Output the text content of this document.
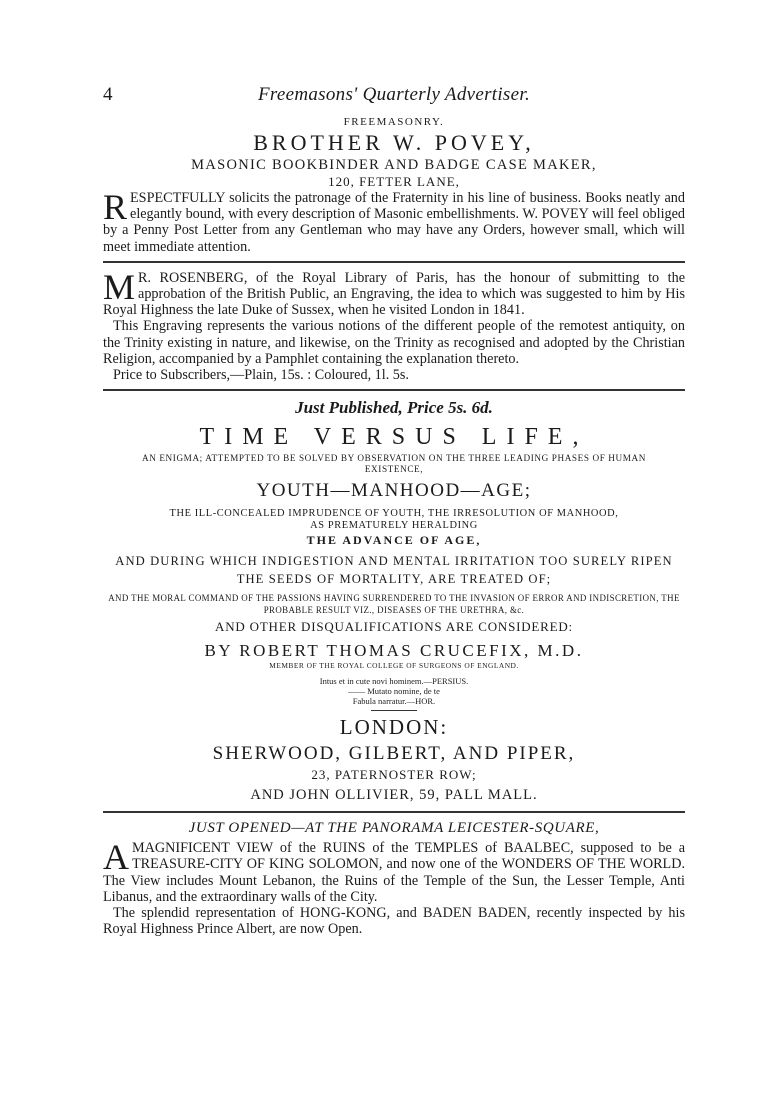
4	Freemasons' Quarterly Advertiser.
FREEMASONRY.
BROTHER W. POVEY,
MASONIC BOOKBINDER AND BADGE CASE MAKER,
120, FETTER LANE,

RESPECTFULLY solicits the patronage of the Fraternity in his line of business. Books neatly and elegantly bound, with every description of Masonic embellishments. W. POVEY will feel obliged by a Penny Post Letter from any Gentleman who may have any Orders, however small, which will meet immediate attention.

M R. ROSENBERG, of the Royal Library of Paris, has the honour of submitting to the approbation of the British Public, an Engraving, the idea to which was suggested to him by His Royal Highness the late Duke of Sussex, when he visited London in 1841.

This Engraving represents the various notions of the different people of the remotest antiquity, on the Trinity existing in nature, and likewise, on the Trinity as recognised and adopted by the Christian Religion, accompanied by a Pamphlet containing the explanation thereto.

Price to Subscribers,—Plain, 15s. : Coloured, 1l. 5s.

Just Published, Price 5s. 6d.
TIME VERSUS LIFE,
AN ENIGMA; ATTEMPTED TO BE SOLVED BY OBSERVATION ON THE THREE LEADING PHASES OF HUMAN EXISTENCE,
YOUTH—MANHOOD—AGE;
THE ILL-CONCEALED IMPRUDENCE OF YOUTH, THE IRRESOLUTION OF MANHOOD,
AS PREMATURELY HERALDING
THE ADVANCE OF AGE,
AND DURING WHICH INDIGESTION AND MENTAL IRRITATION TOO SURELY RIPEN THE SEEDS OF MORTALITY, ARE TREATED OF;
AND THE MORAL COMMAND OF THE PASSIONS HAVING SURRENDERED TO THE INVASION OF ERROR AND INDISCRETION, THE PROBABLE RESULT VIZ., DISEASES OF THE URETHRA, &c.
AND OTHER DISQUALIFICATIONS ARE CONSIDERED:
BY ROBERT THOMAS CRUCEFIX, M.D.
MEMBER OF THE ROYAL COLLEGE OF SURGEONS OF ENGLAND.
Intus et in cute novi hominem.—PERSIUS.
—— Mutato nomine, de te
Fabula narratur.—HOR.
LONDON:
SHERWOOD, GILBERT, AND PIPER,
23, PATERNOSTER ROW;
AND JOHN OLLIVIER, 59, PALL MALL.
JUST OPENED—AT THE PANORAMA LEICESTER-SQUARE,

AMAGNIFICENT VIEW of the RUINS of the TEMPLES of BAALBEC, supposed to be a TREASURE-CITY OF KING SOLOMON, and now one of the WONDERS OF THE WORLD. The View includes Mount Lebanon, the Ruins of the Temple of the Sun, the Lesser Temple, Anti Libanus, and the extraordinary walls of the City.

The splendid representation of HONG-KONG, and BADEN BADEN, recently inspected by his Royal Highness Prince Albert, are now Open.
